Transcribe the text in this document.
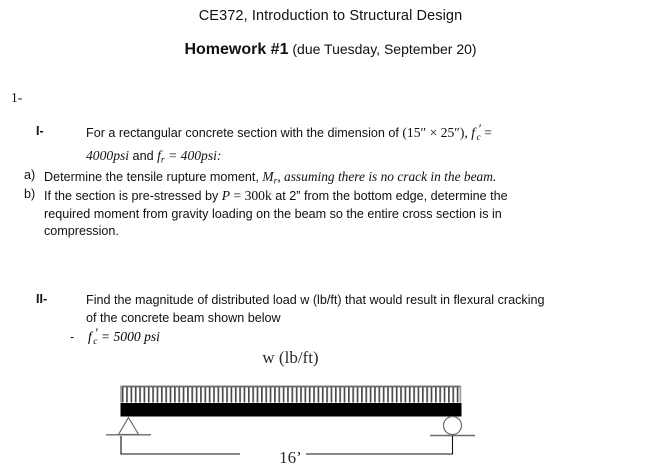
CE372, Introduction to Structural Design
Homework #1 (due Tuesday, September 20)
1-
I-	For a rectangular concrete section with the dimension of (15″ × 25″), f ′
$_c$ =
4000psi and $f_r = 400psi$:
a) Determine the tensile rupture moment, $M_r$, assuming there is no crack in the beam.
b) If the section is pre-stressed by P = 300k at 2” from the bottom edge, determine the
required moment from gravity loading on the beam so the entire cross section is in
compression.
II-	Find the magnitude of distributed load w (lb/ft) that would result in flexural cracking
of the concrete beam shown below
- f ′
$_c$ = 5000 psi
w (lb/ft)
16’
